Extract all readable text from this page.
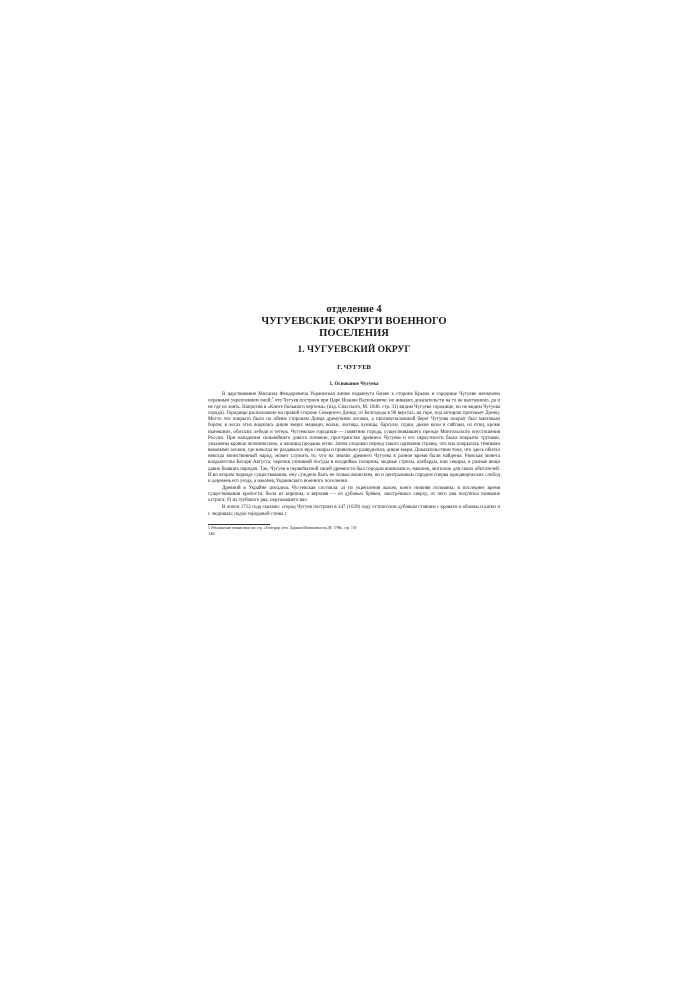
отделение 4
ЧУГУЕВСКИЕ ОКРУГИ ВОЕННОГО
ПОСЕЛЕНИЯ
1. ЧУГУЕВСКИЙ ОКРУГ
Г. ЧУГУЕВ
1. Основание Чугуева

В царствование Михаила Феодоровича Украинская линия подвинута ближе к стороне Крыма и городище Чугуево назначено охранным укреплением оной;$^1$ что Чугуев построен при Царе Иоанне Васильевиче: но никаких доказательств на то не выставлено, да и не где их взять. Напротив в «Книге большого чертежа» (изд. Спасского, М. 1846. стр. 31) видим Чугуево городище, но не видим Чугуева города). Городище расположено на правой стороне Северного Донца, от Белгорода в 90 верстах, на горе, под которою протекает Донец. Место это покрыто было по обеим сторонам Донца дремучими лесами, а противуположный берег Чугуева покрыт был мачтовым бором; в лесах этих водились дикие звери: медведи, волки, лисицы, куницы, барсуки, сурки, дикие козы и сайгаки, из птиц, кроме нынешних, обитали: лебеди и тетерь. Чугуевское городище — памятник города, существовавшего прежде Монгольского опустошения России. При нападении сильнейшего дикого племени, пространство древнего Чугуева и его окрестности были покрыты трупами, увлажены кровью человеческою, а жилища преданы огню. Затем следовал период такого одичания страны, что она покрылась тёмными вековыми лесами, где никогда не раздавался звук секиры и привольно разводились дикие звери. Доказательством тому, что здесь обитал некогда воинственный народ, может служить то, что на землях древнего Чугуева в разное время были найдены: Римская монета владычества Кесаря Августа, черепки глиняной посуды в полдюйма толщины, медные стрелы, алебарды, или секиры, и разные вещи давно бывших народов. Так, Чугуев в первобытной своей древности был городом воинским и, наконец, могилою для своих обитателей. И во втором периоде существования, ему суждено быть не только воинским, но и центральным городом сперва однодворческих слобод и деревень его уезда, а наконец Украинского военного поселения.

Древний в Украйне цитадель Чугуевская состояла: а) из укрепления валом, коего нижняя половина, в последнее время существования крепости, была из кирпича, а верхняя — из дубовых брёвен, заострённых сверху, от чего она получила название острога; б) из глубокого рва, окружавшего вал.

В описи 1712 года сказано: «город Чугуев построен в 147 (1639) году остроголом дубовым стоячим с кровати и обломы и катки и с людишки; подле городовой стены с

1 Объединение гимнастики (по стр. «Телеграф. лето. Харьков Изменчивости»,М. 1788г., стр. 139
146
